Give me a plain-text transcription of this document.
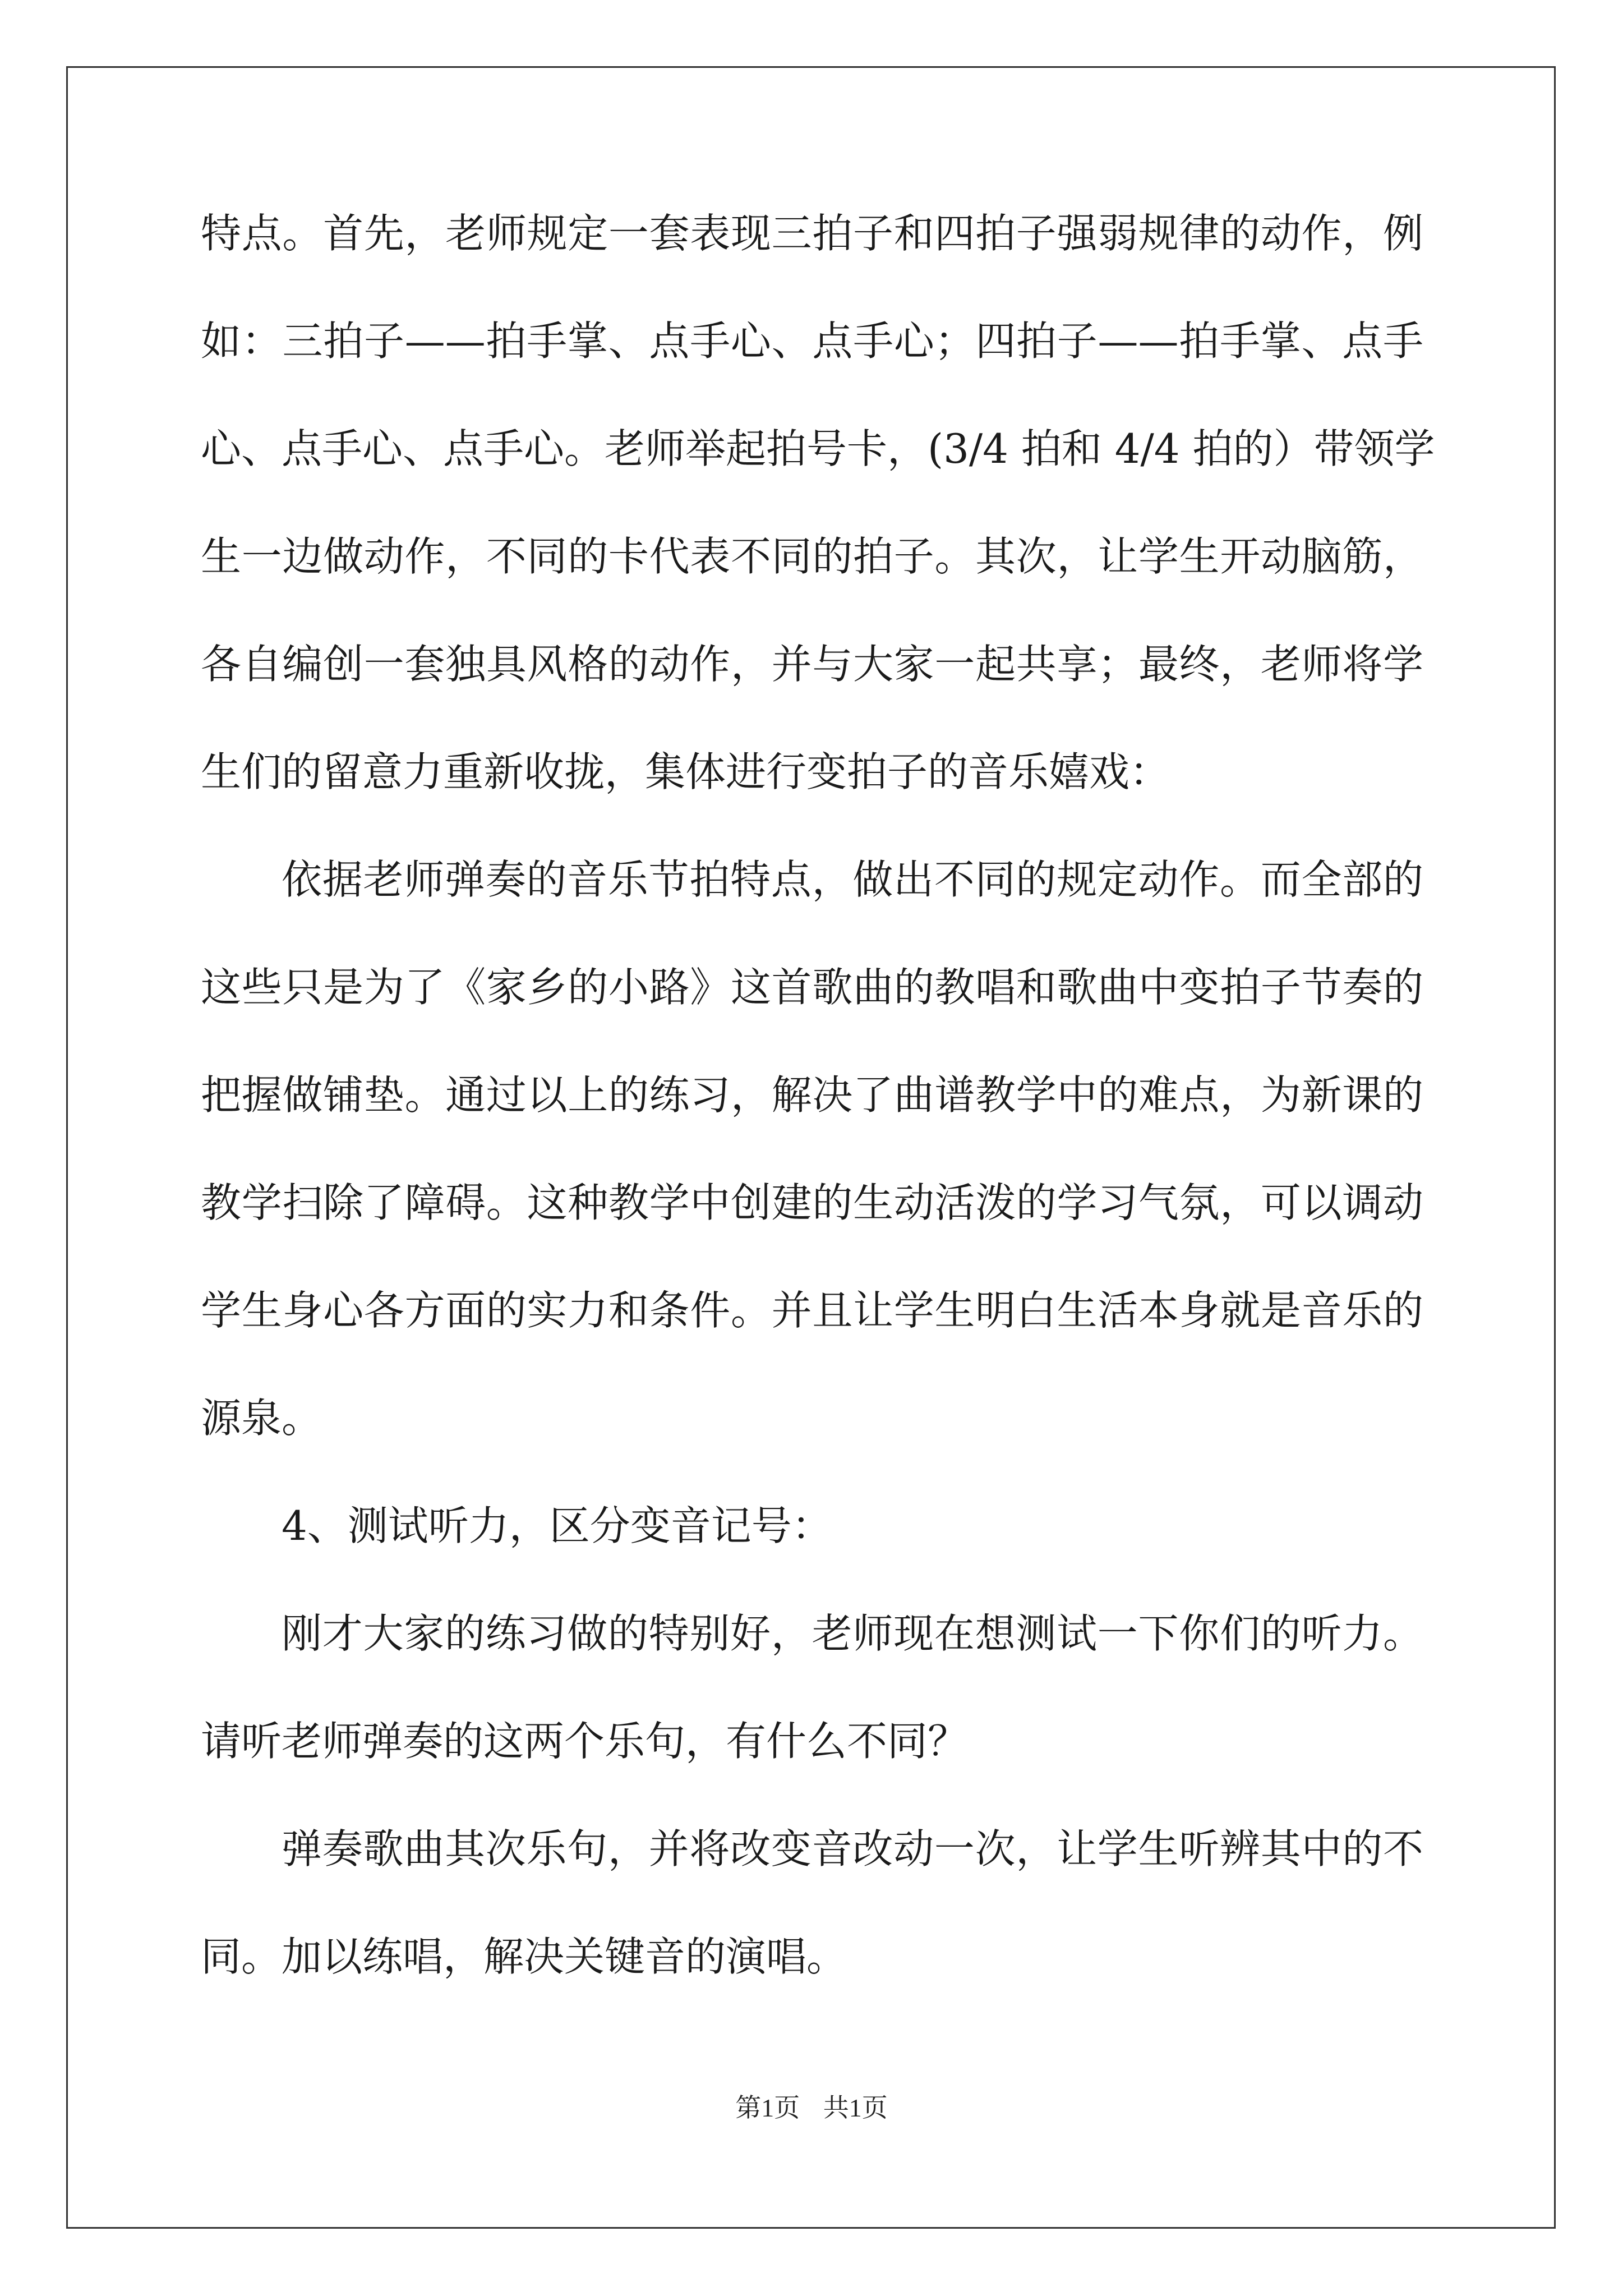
特点。首先，老师规定一套表现三拍子和四拍子强弱规律的动作，例
如：三拍子——拍手掌、点手心、点手心；四拍子——拍手掌、点手
心、点手心、点手心。老师举起拍号卡，(3/4 拍和 4/4 拍的）带领学
生一边做动作，不同的卡代表不同的拍子。其次，让学生开动脑筋，
各自编创一套独具风格的动作，并与大家一起共享；最终，老师将学
生们的留意力重新收拢，集体进行变拍子的音乐嬉戏：
依据老师弹奏的音乐节拍特点，做出不同的规定动作。而全部的
这些只是为了《家乡的小路》这首歌曲的教唱和歌曲中变拍子节奏的
把握做铺垫。通过以上的练习，解决了曲谱教学中的难点，为新课的
教学扫除了障碍。这种教学中创建的生动活泼的学习气氛，可以调动
学生身心各方面的实力和条件。并且让学生明白生活本身就是音乐的
源泉。
4、测试听力，区分变音记号：
刚才大家的练习做的特别好，老师现在想测试一下你们的听力。
请听老师弹奏的这两个乐句，有什么不同？
弹奏歌曲其次乐句，并将改变音改动一次，让学生听辨其中的不
同。加以练唱，解决关键音的演唱。
第1页 共1页
